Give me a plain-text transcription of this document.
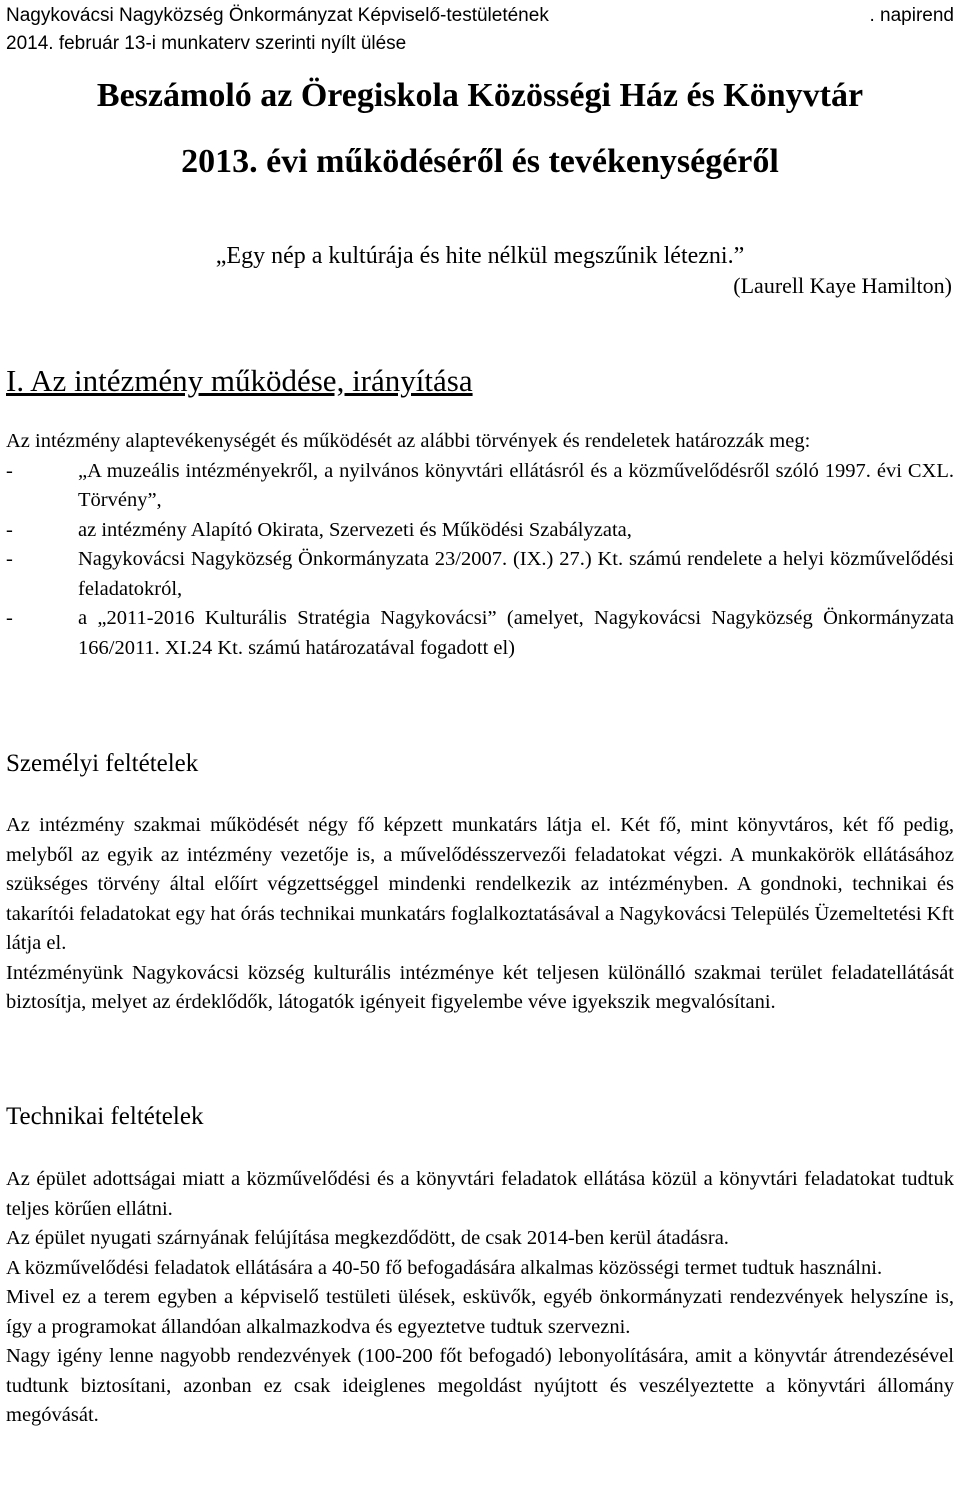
Nagykovácsi Nagyközség Önkormányzat Képviselő-testületének	. napirend
2014. február 13-i munkaterv szerinti nyílt ülése
Beszámoló az Öregiskola Közösségi Ház és Könyvtár
2013. évi működéséről és tevékenységéről
„Egy nép a kultúrája és hite nélkül megszűnik létezni.”
(Laurell Kaye Hamilton)
I. Az intézmény működése, irányítása

Az intézmény alaptevékenységét és működését az alábbi törvények és rendeletek határozzák meg:

-	„A muzeális intézményekről, a nyilvános könyvtári ellátásról és a közművelődésről szóló 1997. évi CXL. Törvény”,
-	az intézmény Alapító Okirata, Szervezeti és Működési Szabályzata,
-	Nagykovácsi Nagyközség Önkormányzata 23/2007. (IX.) 27.) Kt. számú rendelete a helyi közművelődési feladatokról,
-	a „2011-2016 Kulturális Stratégia Nagykovácsi” (amelyet, Nagykovácsi Nagyközség Önkormányzata 166/2011. XI.24 Kt. számú határozatával fogadott el)
Személyi feltételek

Az intézmény szakmai működését négy fő képzett munkatárs látja el. Két fő, mint könyvtáros, két fő pedig, melyből az egyik az intézmény vezetője is, a művelődésszervezői feladatokat végzi. A munkakörök ellátásához szükséges törvény által előírt végzettséggel mindenki rendelkezik az intézményben. A gondnoki, technikai és takarítói feladatokat egy hat órás technikai munkatárs foglalkoztatásával a Nagykovácsi Település Üzemeltetési Kft látja el.

Intézményünk Nagykovácsi község kulturális intézménye két teljesen különálló szakmai terület feladatellátását biztosítja, melyet az érdeklődők, látogatók igényeit figyelembe véve igyekszik megvalósítani.

Technikai feltételek

Az épület adottságai miatt a közművelődési és a könyvtári feladatok ellátása közül a könyvtári feladatokat tudtuk teljes körűen ellátni.

Az épület nyugati szárnyának felújítása megkezdődött, de csak 2014-ben kerül átadásra.

A közművelődési feladatok ellátására a 40-50 fő befogadására alkalmas közösségi termet tudtuk használni.

Mivel ez a terem egyben a képviselő testületi ülések, esküvők, egyéb önkormányzati rendezvények helyszíne is, így a programokat állandóan alkalmazkodva és egyeztetve tudtuk szervezni.

Nagy igény lenne nagyobb rendezvények (100-200 főt befogadó) lebonyolítására, amit a könyvtár átrendezésével tudtunk biztosítani, azonban ez csak ideiglenes megoldást nyújtott és veszélyeztette a könyvtári állomány megóvását.
